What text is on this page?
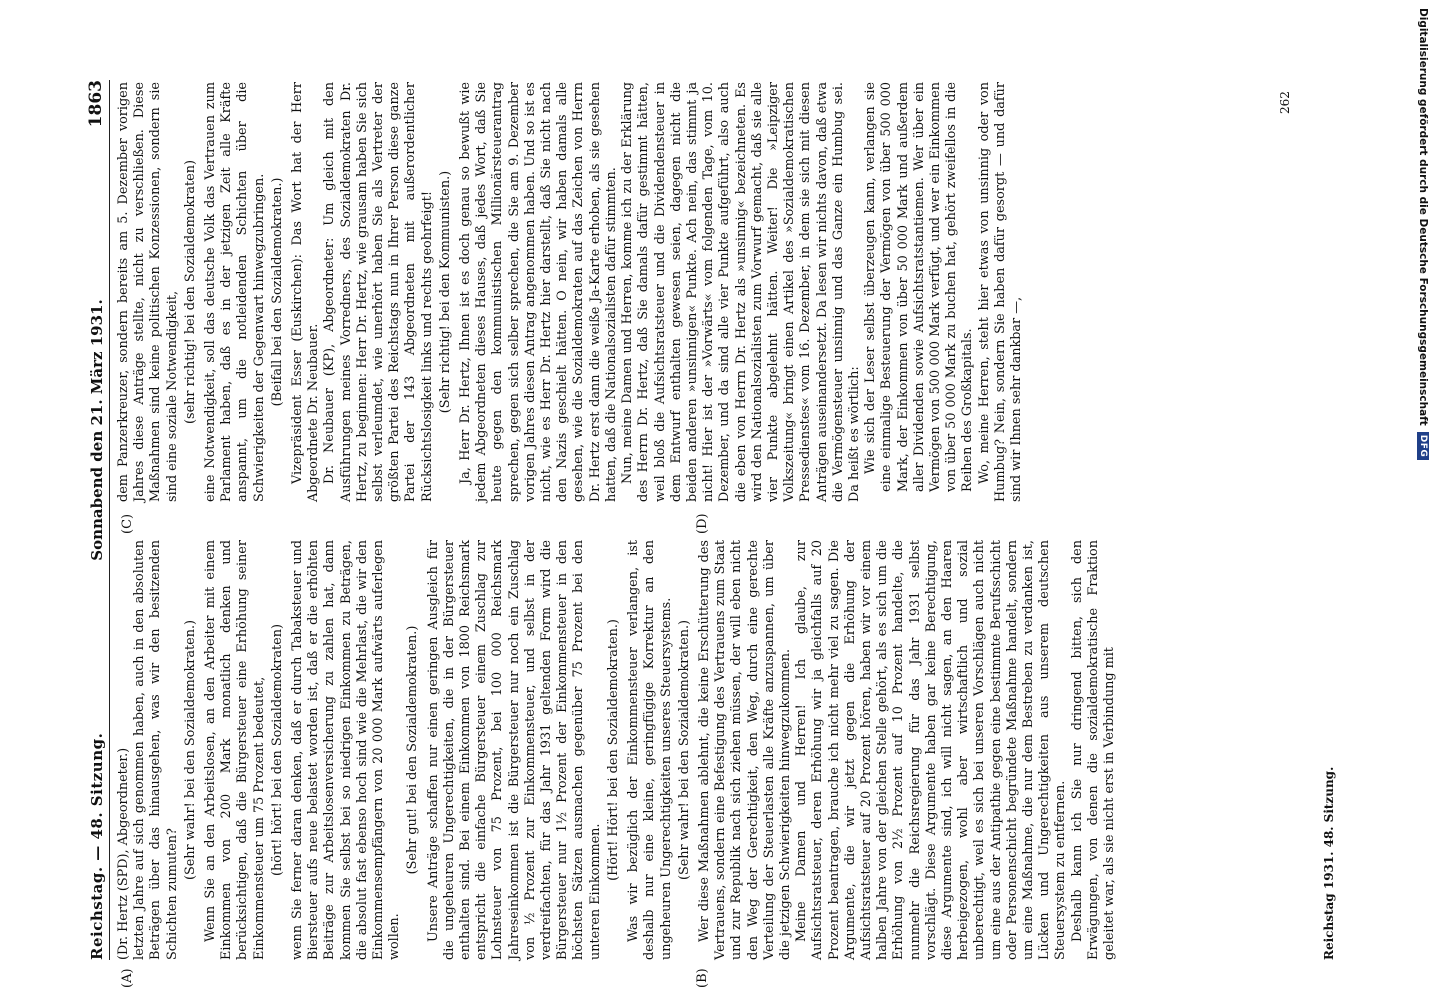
Digitalisierung gefördert durch die Deutsche Forschungsgemeinschaft
DFG
Reichstag. — 48. Sitzung.
Sonnabend den 21. März 1931.
1863
(A)	(B)
(C)	(D)

(Dr. Hertz (SPD), Abgeordneter.) letzten Jahre auf sich genommen haben, auch in den absoluten Beträgen über das hinausgehen, was wir den besitzenden Schichten zumuten?

(Sehr wahr! bei den Sozialdemokraten.) Wenn Sie an den Arbeitslosen, an den Arbeiter mit einem Einkommen von 200 Mark monatlich denken und berücksichtigen, daß die Bürgersteuer eine Erhöhung seiner Einkommensteuer um 75 Prozent bedeutet, (hört! hört! bei den Sozialdemokraten) wenn Sie ferner daran denken, daß er durch Tabaksteuer und Biersteuer aufs neue belastet worden ist, daß er die erhöhten Beiträge zur Arbeitslosenversicherung zu zahlen hat, dann kommen Sie selbst bei so niedrigen Einkommen zu Beträgen, die absolut fast ebenso hoch sind wie die Mehrlast, die wir den Einkommensempfängern von 20 000 Mark aufwärts auferlegen wollen.

(Sehr gut! bei den Sozialdemokraten.) Unsere Anträge schaffen nur einen geringen Ausgleich für die ungeheuren Ungerechtigkeiten, die in der Bürgersteuer enthalten sind. Bei einem Einkommen von 1800 Reichsmark entspricht die einfache Bürgersteuer einem Zuschlag zur Lohnsteuer von 75 Prozent, bei 100 000 Reichsmark Jahreseinkommen ist die Bürgersteuer nur noch ein Zuschlag von ½ Prozent zur Einkommensteuer, und selbst in der verdreifachten, für das Jahr 1931 geltenden Form wird die Bürgersteuer nur 1½ Prozent der Einkommensteuer in den höchsten Sätzen ausmachen gegenüber 75 Prozent bei den unteren Einkommen.

(Hört! Hört! bei den Sozialdemokraten.) Was wir bezüglich der Einkommensteuer verlangen, ist deshalb nur eine kleine, geringfügige Korrektur an den ungeheuren Ungerechtigkeiten unseres Steuersystems. (Sehr wahr! bei den Sozialdemokraten.) Wer diese Maßnahmen ablehnt, die keine Erschütterung des Vertrauens, sondern eine Befestigung des Vertrauens zum Staat und zur Republik nach sich ziehen müssen, der will eben nicht den Weg der Gerechtigkeit, den Weg, durch eine gerechte Verteilung der Steuerlasten alle Kräfte anzuspannen, um über die jetzigen Schwierigkeiten hinwegzukommen. Meine Damen und Herren! Ich glaube, zur Aufsichtsratsteuer, deren Erhöhung wir ja gleichfalls auf 20 Prozent beantragen, brauche ich nicht mehr viel zu sagen. Die Argumente, die wir jetzt gegen die Erhöhung der Aufsichtsratsteuer auf 20 Prozent hören, haben wir vor einem halben Jahre von der gleichen Stelle gehört, als es sich um die Erhöhung von 2½ Prozent auf 10 Prozent handelte, die nunmehr die Reichsregierung für das Jahr 1931 selbst vorschlägt. Diese Argumente haben gar keine Berechtigung, diese Argumente sind, ich will nicht sagen, an den Haaren herbeigezogen, wohl aber wirtschaftlich und sozial unberechtigt, weil es sich bei unseren Vorschlägen auch nicht um eine aus der Antipathie gegen eine bestimmte Berufsschicht oder Personenschicht begründete Maßnahme handelt, sondern um eine Maßnahme, die nur dem Bestreben zu verdanken ist, Lücken und Ungerechtigkeiten aus unserem deutschen Steuersystem zu entfernen. Deshalb kann ich Sie nur dringend bitten, sich den Erwägungen, von denen die sozialdemokratische Fraktion geleitet war, als sie nicht erst in Verbindung mit

dem Panzerkreuzer, sondern bereits am 5. Dezember vorigen Jahres diese Anträge stellte, nicht zu verschließen. Diese Maßnahmen sind keine politischen Konzessionen, sondern sie sind eine soziale Notwendigkeit, (sehr richtig! bei den Sozialdemokraten) eine Notwendigkeit, soll das deutsche Volk das Vertrauen zum Parlament haben, daß es in der jetzigen Zeit alle Kräfte anspannt, um die notleidenden Schichten über die Schwierigkeiten der Gegenwart hinwegzubringen. (Beifall bei den Sozialdemokraten.) Vizepräsident Esser (Euskirchen): Das Wort hat der Herr Abgeordnete Dr. Neubauer. Dr. Neubauer (KP), Abgeordneter: Um gleich mit den Ausführungen meines Vorredners, des Sozialdemokraten Dr. Hertz, zu beginnen: Herr Dr. Hertz, wie grausam haben Sie sich selbst verleumdet, wie unerhört haben Sie als Vertreter der größten Partei des Reichstags nun in Ihrer Person diese ganze Partei der 143 Abgeordneten mit außerordentlicher Rücksichtslosigkeit links und rechts geohrfeigt! (Sehr richtig! bei den Kommunisten.) Ja, Herr Dr. Hertz, Ihnen ist es doch genau so bewußt wie jedem Abgeordneten dieses Hauses, daß jedes Wort, daß Sie heute gegen den kommunistischen Millionärsteuerantrag sprechen, gegen sich selber sprechen, die Sie am 9. Dezember vorigen Jahres diesen Antrag angenommen haben. Und so ist es nicht, wie es Herr Dr. Hertz hier darstellt, daß Sie nicht nach den Nazis geschielt hätten. O nein, wir haben damals alle gesehen, wie die Sozialdemokraten auf das Zeichen von Herrn Dr. Hertz erst dann die weiße Ja-Karte erhoben, als sie gesehen hatten, daß die Nationalsozialisten dafür stimmten. Nun, meine Damen und Herren, komme ich zu der Erklärung des Herrn Dr. Hertz, daß Sie damals dafür gestimmt hätten, weil bloß die Aufsichtsratsteuer und die Dividendensteuer in dem Entwurf enthalten gewesen seien, dagegen nicht die beiden anderen »unsinnigen« Punkte. Ach nein, das stimmt ja nicht! Hier ist der »Vorwärts« vom folgenden Tage, vom 10. Dezember, und da sind alle vier Punkte aufgeführt, also auch die eben von Herrn Dr. Hertz als »unsinnig« bezeichneten. Es wird den Nationalsozialisten zum Vorwurf gemacht, daß sie alle vier Punkte abgelehnt hätten. Weiter! Die »Leipziger Volkszeitung« bringt einen Artikel des »Sozialdemokratischen Pressedienstes« vom 16. Dezember, in dem sie sich mit diesen Anträgen auseinandersetzt. Da lesen wir nichts davon, daß etwa die Vermögensteuer unsinnig und das Ganze ein Humbug sei. Da heißt es wörtlich: Wie sich der Leser selbst überzeugen kann, verlangen sie eine einmalige Besteuerung der Vermögen von über 500 000 Mark, der Einkommen von über 50 000 Mark und außerdem aller Dividenden sowie Aufsichtsratstantiemen. Wer über ein Vermögen von 500 000 Mark verfügt, und wer ein Einkommen von über 50 000 Mark zu buchen hat, gehört zweifellos in die Reihen des Großkapitals. Wo, meine Herren, steht hier etwas von unsinnig oder von Humbug? Nein, sondern Sie haben dafür gesorgt — und dafür sind wir Ihnen sehr dankbar —,

262
Reichstag 1931. 48. Sitzung.
